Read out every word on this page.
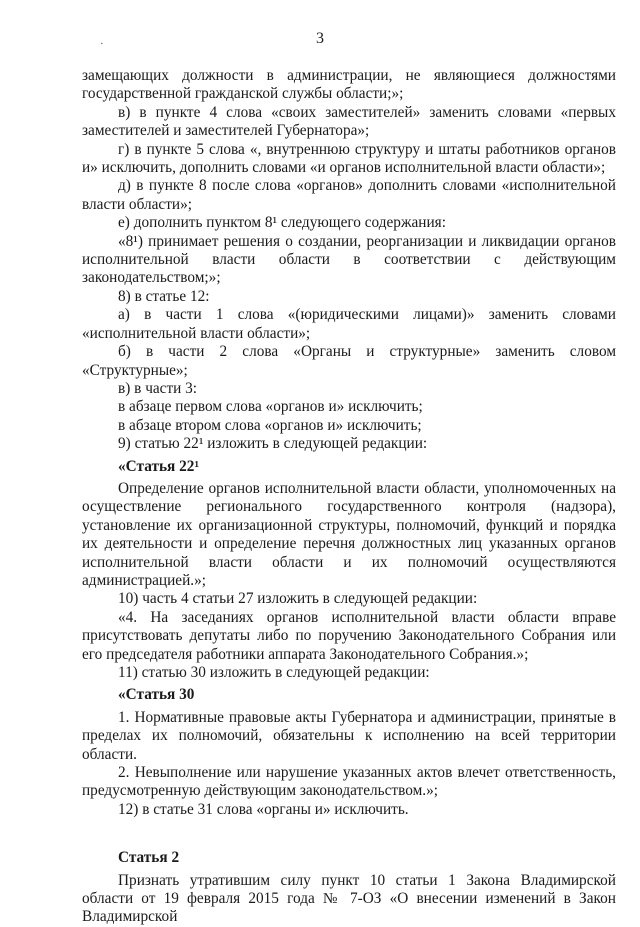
3
·

замещающих должности в администрации, не являющиеся должностями государственной гражданской службы области;»;

в) в пункте 4 слова «своих заместителей» заменить словами «первых заместителей и заместителей Губернатора»;

г) в пункте 5 слова «, внутреннюю структуру и штаты работников органов и» исключить, дополнить словами «и органов исполнительной власти области»;

д) в пункте 8 после слова «органов» дополнить словами «исполнительной власти области»;

е) дополнить пунктом 8¹ следующего содержания:

«8¹) принимает решения о создании, реорганизации и ликвидации органов исполнительной власти области в соответствии с действующим законодательством;»;

8) в статье 12:

а) в части 1 слова «(юридическими лицами)» заменить словами «исполнительной власти области»;

б) в части 2 слова «Органы и структурные» заменить словом «Структурные»;

в) в части 3:

в абзаце первом слова «органов и» исключить;

в абзаце втором слова «органов и» исключить;

9) статью 22¹ изложить в следующей редакции:

«Статья 22¹

Определение органов исполнительной власти области, уполномоченных на осуществление регионального государственного контроля (надзора), установление их организационной структуры, полномочий, функций и порядка их деятельности и определение перечня должностных лиц указанных органов исполнительной власти области и их полномочий осуществляются администрацией.»;

10) часть 4 статьи 27 изложить в следующей редакции:

«4. На заседаниях органов исполнительной власти области вправе присутствовать депутаты либо по поручению Законодательного Собрания или его председателя работники аппарата Законодательного Собрания.»;

11) статью 30 изложить в следующей редакции:

«Статья 30

1. Нормативные правовые акты Губернатора и администрации, принятые в пределах их полномочий, обязательны к исполнению на всей территории области.

2. Невыполнение или нарушение указанных актов влечет ответственность, предусмотренную действующим законодательством.»;

12) в статье 31 слова «органы и» исключить.

Статья 2

Признать утратившим силу пункт 10 статьи 1 Закона Владимирской области от 19 февраля 2015 года № 7-ОЗ «О внесении изменений в Закон Владимирской
